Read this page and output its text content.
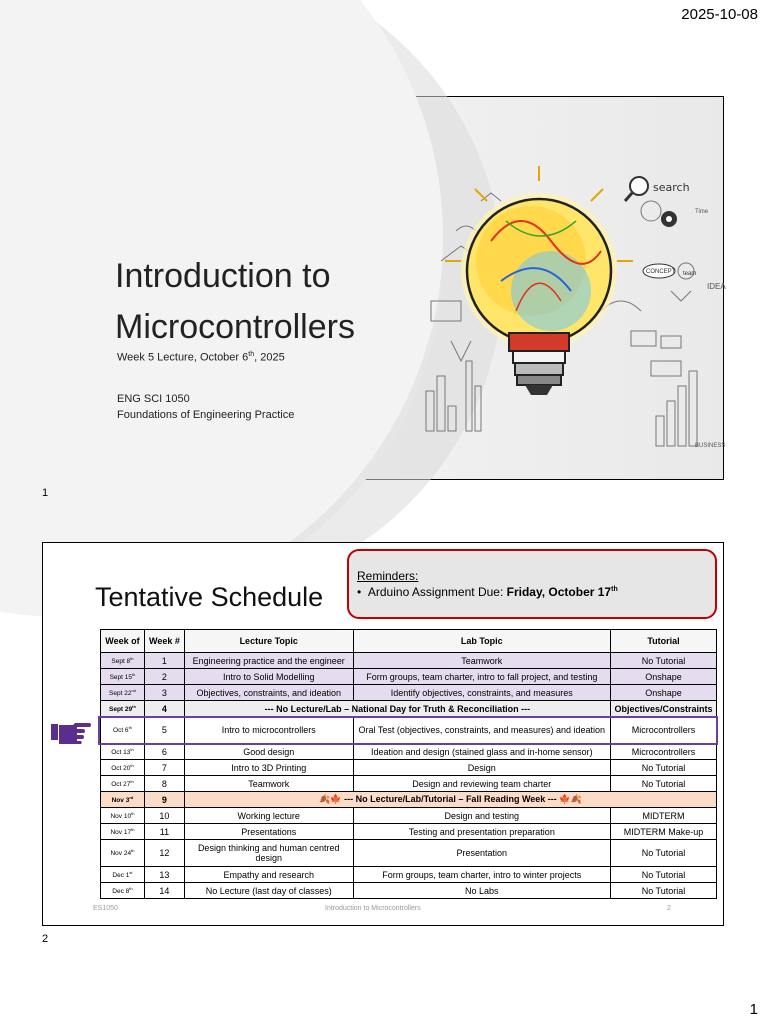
2025-10-08
Introduction to
Microcontrollers
Week 5 Lecture, October 6th, 2025
ENG SCI 1050
Foundations of Engineering Practice
search
Time
CONCEPT team
BUSINESS
IDEA
1
Tentative Schedule
Reminders:
•  Arduino Assignment Due: Friday, October 17th
Week of	Week #	Lecture Topic	Lab Topic	Tutorial
Sept 8th	1	Engineering practice and the engineer	Teamwork	No Tutorial
Sept 15th	2	Intro to Solid Modelling	Form groups, team charter, intro to fall project, and testing	Onshape
Sept 22nd	3	Objectives, constraints, and ideation	Identify objectives, constraints, and measures	Onshape
Sept 29th	4	--- No Lecture/Lab – National Day for Truth & Reconciliation ---		Objectives/Constraints
Oct 6th	5	Intro to microcontrollers	Oral Test (objectives, constraints, and measures) and ideation	Microcontrollers
Oct 13th	6	Good design	Ideation and design (stained glass and in-home sensor)	Microcontrollers
Oct 20th	7	Intro to 3D Printing	Design	No Tutorial
Oct 27th	8	Teamwork	Design and reviewing team charter	No Tutorial
Nov 3rd	9	🍂🍁 --- No Lecture/Lab/Tutorial – Fall Reading Week --- 🍁🍂		
Nov 10th	10	Working lecture	Design and testing	MIDTERM
Nov 17th	11	Presentations	Testing and presentation preparation	MIDTERM Make-up
Nov 24th	12	Design thinking and human centred design	Presentation	No Tutorial
Dec 1st	13	Empathy and research	Form groups, team charter, intro to winter projects	No Tutorial
Dec 8th	14	No Lecture (last day of classes)	No Labs	No Tutorial
ES1050	Introduction to Microcontrollers	2
2
1
